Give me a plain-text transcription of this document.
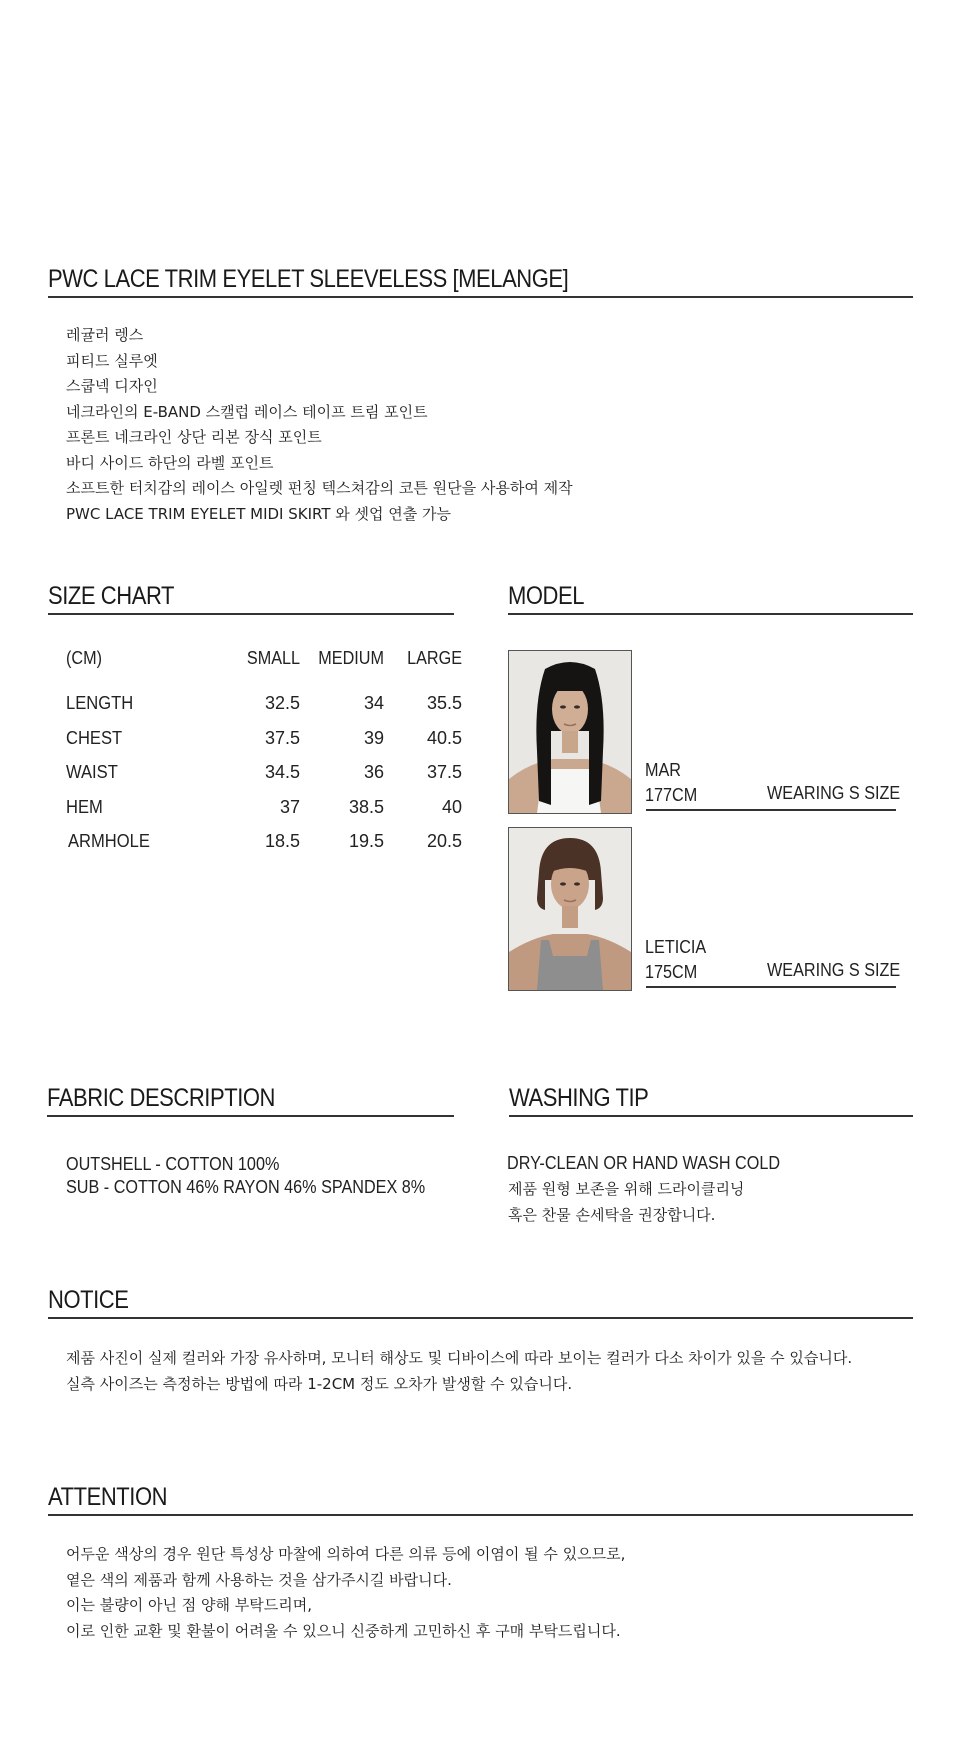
PWC LACE TRIM EYELET SLEEVELESS [MELANGE]
레귤러 렝스
피티드 실루엣
스쿱넥 디자인
네크라인의 E-BAND 스캘럽 레이스 테이프 트림 포인트
프론트 네크라인 상단 리본 장식 포인트
바디 사이드 하단의 라벨 포인트
소프트한 터치감의 레이스 아일렛 펀칭 텍스쳐감의 코튼 원단을 사용하여 제작
PWC LACE TRIM EYELET MIDI SKIRT 와 셋업 연출 가능
SIZE CHART
(CM)	SMALL MEDIUM LARGE
LENGTH	32.5	34 35.5
CHEST	37.5	39 40.5
WAIST	34.5	36 37.5
HEM	37	38.5	40
ARMHOLE	18.5	19.5 20.5
MODEL
MAR
177CM	WEARING S SIZE
LETICIA
175CM	WEARING S SIZE
FABRIC DESCRIPTION
OUTSHELL - COTTON 100%
SUB - COTTON 46% RAYON 46% SPANDEX 8%
WASHING TIP
DRY-CLEAN OR HAND WASH COLD
제품 원형 보존을 위해 드라이클리닝
혹은 찬물 손세탁을 권장합니다.
NOTICE
제품 사진이 실제 컬러와 가장 유사하며, 모니터 해상도 및 디바이스에 따라 보이는 컬러가 다소 차이가 있을 수 있습니다.
실측 사이즈는 측정하는 방법에 따라 1-2CM 정도 오차가 발생할 수 있습니다.
ATTENTION
어두운 색상의 경우 원단 특성상 마찰에 의하여 다른 의류 등에 이염이 될 수 있으므로,
옅은 색의 제품과 함께 사용하는 것을 삼가주시길 바랍니다.
이는 불량이 아닌 점 양해 부탁드리며,
이로 인한 교환 및 환불이 어려울 수 있으니 신중하게 고민하신 후 구매 부탁드립니다.
